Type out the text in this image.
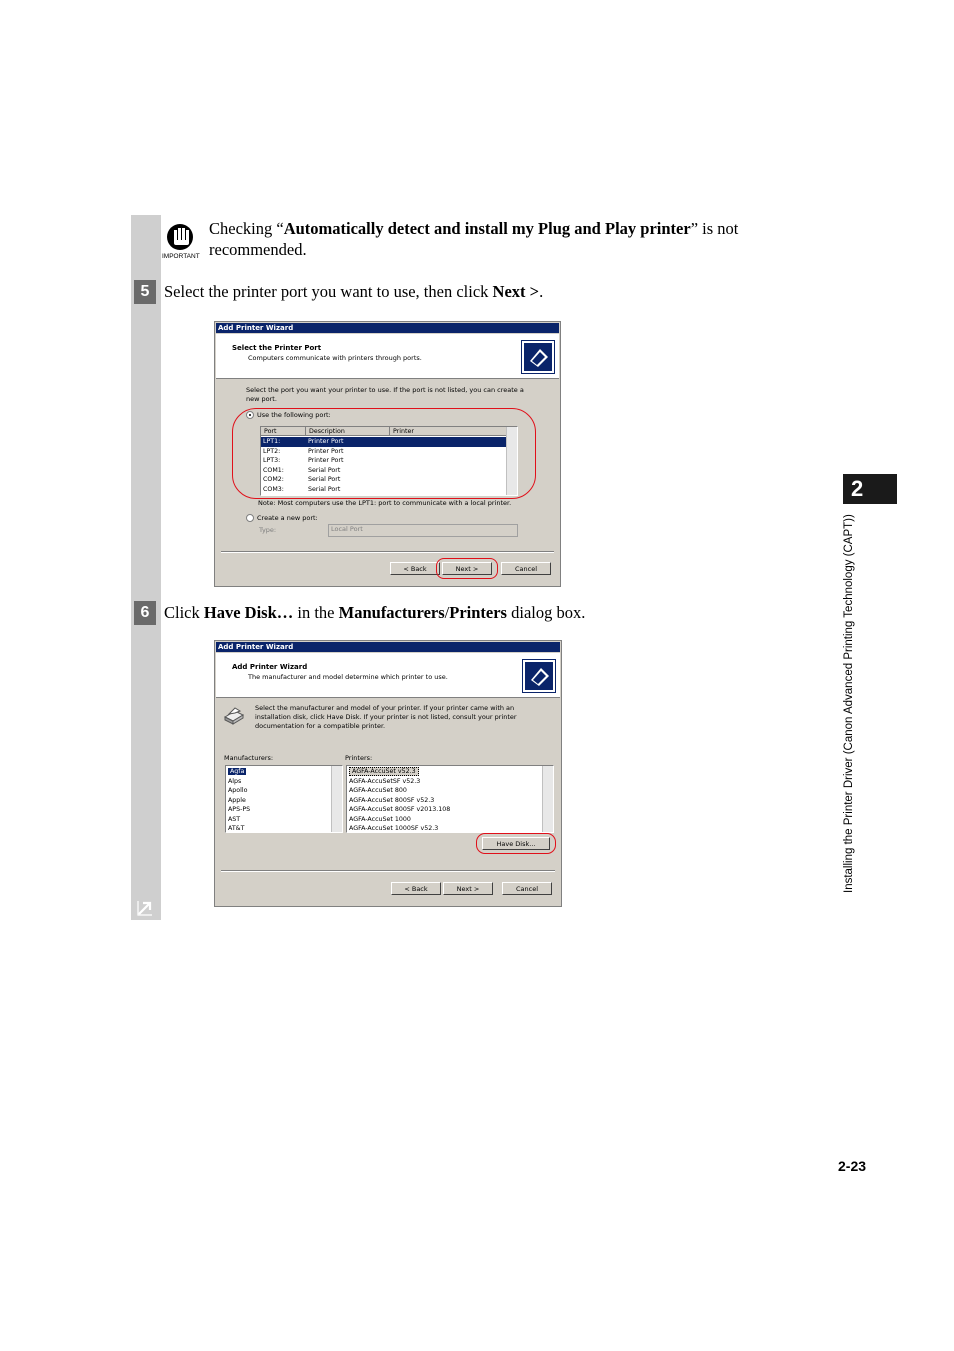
IMPORTANT
Checking “Automatically detect and install my Plug and Play printer” is not
recommended.
5 Select the printer port you want to use, then click Next >.
Add Printer Wizard
Select the Printer Port
Computers communicate with printers through ports.
Select the port you want your printer to use. If the port is not listed, you can create a new port.
Use the following port:
Port	Description	Printer
LPT1:	Printer Port
LPT2:	Printer Port
LPT3:	Printer Port
COM1:	Serial Port
COM2:	Serial Port
COM3:	Serial Port
Note: Most computers use the LPT1: port to communicate with a local printer.
Create a new port:
Type:	Local Port
< Back	Next >	Cancel
6 Click Have Disk… in the Manufacturers/Printers dialog box.
Add Printer Wizard
Add Printer Wizard
The manufacturer and model determine which printer to use.
Select the manufacturer and model of your printer. If your printer came with an installation disk, click Have Disk. If your printer is not listed, consult your printer documentation for a compatible printer.
Manufacturers:	Printers:
Agfa
Alps
Apollo
Apple
APS-PS
AST
AT&T
AGFA-AccuSet v52.3
AGFA-AccuSetSF v52.3
AGFA-AccuSet 800
AGFA-AccuSet 800SF v52.3
AGFA-AccuSet 800SF v2013.108
AGFA-AccuSet 1000
AGFA-AccuSet 1000SF v52.3
Have Disk...
< Back	Next >	Cancel
2
Installing the Printer Driver (Canon Advanced Printing Technology (CAPT))
2-23
